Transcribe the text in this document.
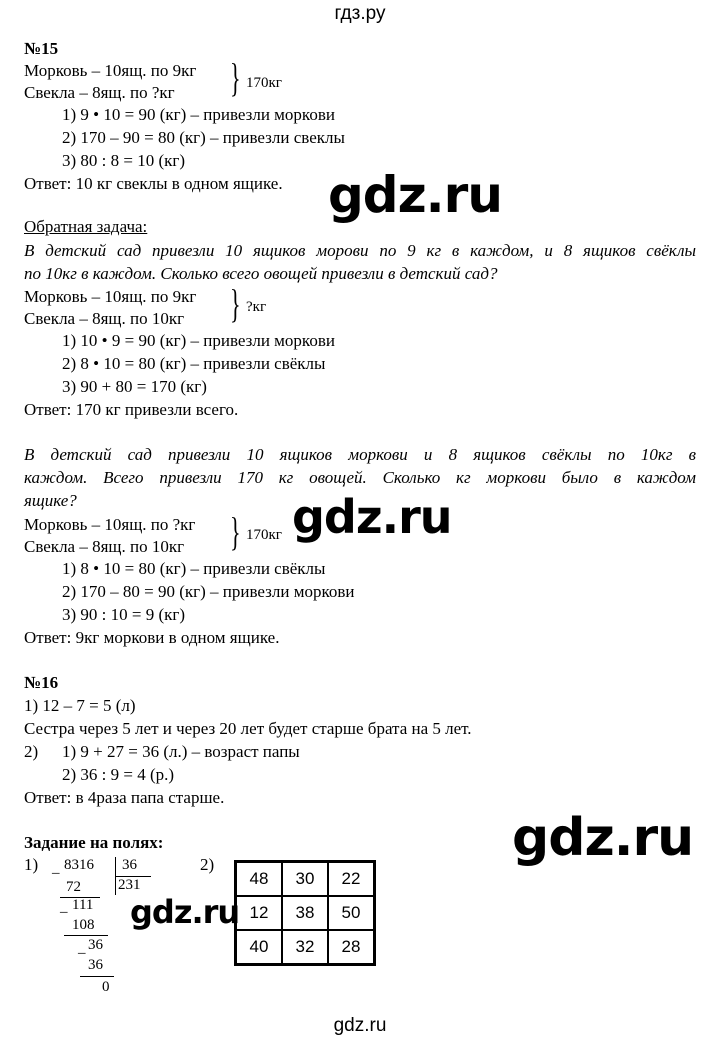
гдз.ру
gdz.ru
gdz.ru
gdz.ru
gdz.ru
gdz.ru
№15
Морковь – 10ящ. по 9кг
Свекла – 8ящ. по ?кг } 170кг
1) 9 • 10 = 90 (кг) – привезли моркови
2) 170 – 90 = 80 (кг) – привезли свеклы
3) 80 : 8 = 10 (кг)
Ответ: 10 кг свеклы в одном ящике.
Обратная задача:
В детский сад привезли 10 ящиков морови по 9 кг в каждом, и 8 ящиков свёклы
по 10кг в каждом. Сколько всего овощей привезли в детский сад?
Морковь – 10ящ. по 9кг
Свекла – 8ящ. по 10кг } ?кг
1) 10 • 9 = 90 (кг) – привезли моркови
2) 8 • 10 = 80 (кг) – привезли свёклы
3) 90 + 80 = 170 (кг)
Ответ: 170 кг привезли всего.
В детский сад привезли 10 ящиков моркови и 8 ящиков свёклы по 10кг в
каждом. Всего привезли 170 кг овощей. Сколько кг моркови было в каждом
ящике?
Морковь – 10ящ. по ?кг
Свекла – 8ящ. по 10кг } 170кг
1) 8 • 10 = 80 (кг) – привезли свёклы
2) 170 – 80 = 90 (кг) – привезли моркови
3) 90 : 10 = 9 (кг)
Ответ: 9кг моркови в одном ящике.
№16
1) 12 – 7 = 5 (л)
Сестра через 5 лет и через 20 лет будет старше брата на 5 лет.
2) 1) 9 + 27 = 36 (л.) – возраст папы
2) 36 : 9 = 4 (р.)
Ответ: в 4раза папа старше.
Задание на полях:
1)	2)
– 8316 36
231
72
– 111
108
– 36
36
0
48	30	22
12	38	50
40	32	28
